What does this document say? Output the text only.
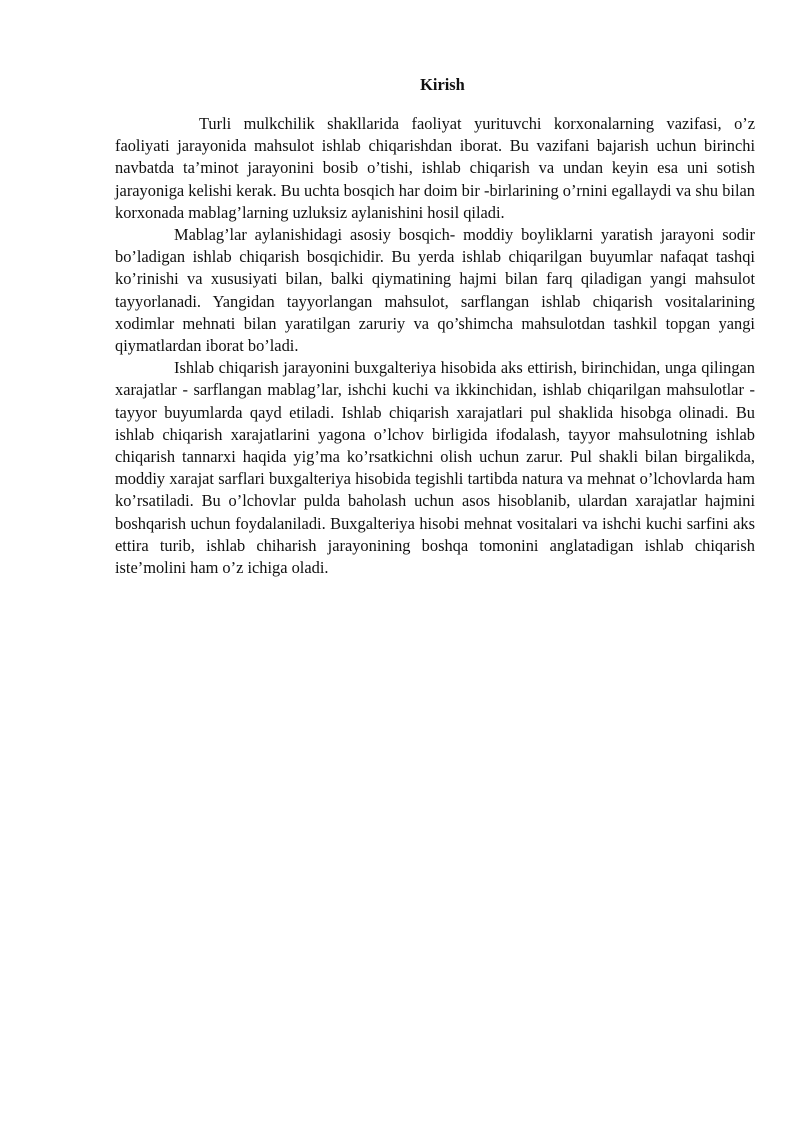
Kirish

Turli mulkchilik shakllarida faoliyat yurituvchi korxonalarning vazifasi, o’z faoliyati jarayonida mahsulot ishlab chiqarishdan iborat. Bu vazifani bajarish uchun birinchi navbatda ta’minot jarayonini bosib o’tishi, ishlab chiqarish va undan keyin esa uni sotish jarayoniga kelishi kerak. Bu uchta bosqich har doim bir -birlarining o’rnini egallaydi va shu bilan korxonada mablag’larning uzluksiz aylanishini hosil qiladi.

Mablag’lar aylanishidagi asosiy bosqich- moddiy boyliklarni yaratish jarayoni sodir bo’ladigan ishlab chiqarish bosqichidir. Bu yerda ishlab chiqarilgan buyumlar nafaqat tashqi ko’rinishi va xususiyati bilan, balki qiymatining hajmi bilan farq qiladigan yangi mahsulot tayyorlanadi. Yangidan tayyorlangan mahsulot, sarflangan ishlab chiqarish vositalarining xodimlar mehnati bilan yaratilgan zaruriy va qo’shimcha mahsulotdan tashkil topgan yangi qiymatlardan iborat bo’ladi.

Ishlab chiqarish jarayonini buxgalteriya hisobida aks ettirish, birinchidan, unga qilingan xarajatlar - sarflangan mablag’lar, ishchi kuchi va ikkinchidan, ishlab chiqarilgan mahsulotlar - tayyor buyumlarda qayd etiladi. Ishlab chiqarish xarajatlari pul shaklida hisobga olinadi. Bu ishlab chiqarish xarajatlarini yagona o’lchov birligida ifodalash, tayyor mahsulotning ishlab chiqarish tannarxi haqida yig’ma ko’rsatkichni olish uchun zarur. Pul shakli bilan birgalikda, moddiy xarajat sarflari buxgalteriya hisobida tegishli tartibda natura va mehnat o’lchovlarda ham ko’rsatiladi. Bu o’lchovlar pulda baholash uchun asos hisoblanib, ulardan xarajatlar hajmini boshqarish uchun foydalaniladi. Buxgalteriya hisobi mehnat vositalari va ishchi kuchi sarfini aks ettira turib, ishlab chiharish jarayonining boshqa tomonini anglatadigan ishlab chiqarish iste’molini ham o’z ichiga oladi.
